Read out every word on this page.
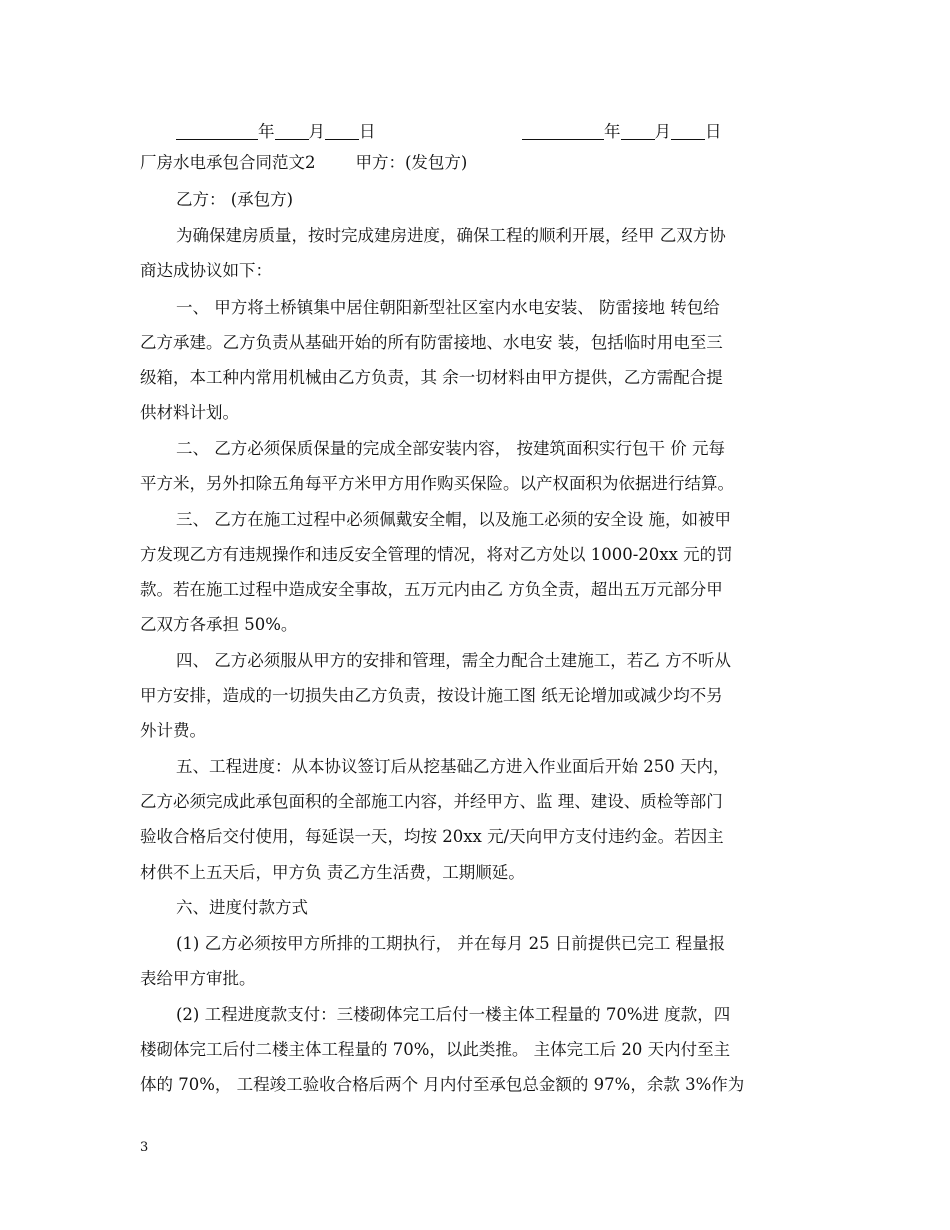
年 月 日	年 月 日
厂房水电承包合同范文2 甲方：(发包方)
乙方： (承包方)
为确保建房质量，按时完成建房进度，确保工程的顺利开展，经甲 乙双方协
商达成协议如下：
一、 甲方将土桥镇集中居住朝阳新型社区室内水电安装、 防雷接地 转包给
乙方承建。乙方负责从基础开始的所有防雷接地、水电安 装，包括临时用电至三
级箱，本工种内常用机械由乙方负责，其 余一切材料由甲方提供，乙方需配合提
供材料计划。
二、 乙方必须保质保量的完成全部安装内容， 按建筑面积实行包干 价 元每
平方米，另外扣除五角每平方米甲方用作购买保险。以产权面积为依据进行结算。
三、 乙方在施工过程中必须佩戴安全帽，以及施工必须的安全设 施，如被甲
方发现乙方有违规操作和违反安全管理的情况，将对乙方处以 1000-20xx 元的罚
款。若在施工过程中造成安全事故，五万元内由乙 方负全责，超出五万元部分甲
乙双方各承担 50%。
四、 乙方必须服从甲方的安排和管理，需全力配合土建施工，若乙 方不听从
甲方安排，造成的一切损失由乙方负责，按设计施工图 纸无论增加或减少均不另
外计费。
五、工程进度：从本协议签订后从挖基础乙方进入作业面后开始 250 天内，
乙方必须完成此承包面积的全部施工内容，并经甲方、监 理、建设、质检等部门
验收合格后交付使用，每延误一天，均按 20xx 元/天向甲方支付违约金。若因主
材供不上五天后，甲方负 责乙方生活费，工期顺延。
六、进度付款方式
(1) 乙方必须按甲方所排的工期执行， 并在每月 25 日前提供已完工 程量报
表给甲方审批。
(2) 工程进度款支付：三楼砌体完工后付一楼主体工程量的 70%进 度款，四
楼砌体完工后付二楼主体工程量的 70%，以此类推。 主体完工后 20 天内付至主
体的 70%， 工程竣工验收合格后两个 月内付至承包总金额的 97%，余款 3%作为
3
